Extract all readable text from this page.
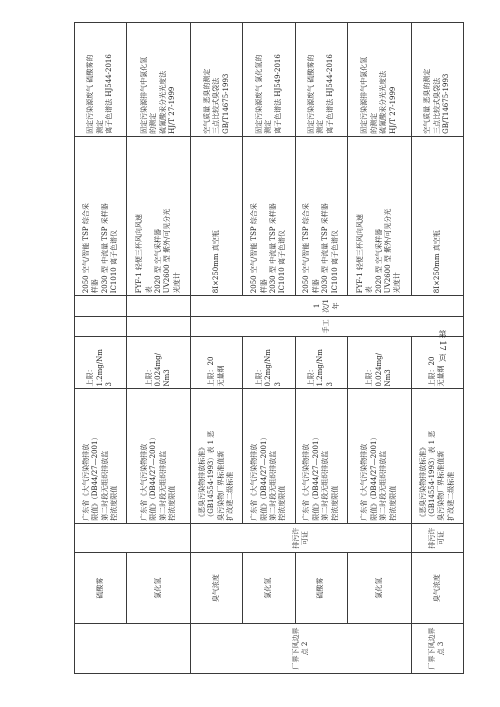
	硫酸雾		广东省《大气污染物排放 限值》（DB44/27—2001） 第二时段无组织排放监 控浓度限值	上限： 1.2mg/Nm 3			2050 空气/智能 TSP 综合采 样器 2030 型 中流量 TSP 采样器 IC1010 离子色谱仪	固定污染源废气 硫酸雾的 测定 离子色谱法 HJ544-2016

	氯化氢		广东省《大气污染物排放 限值》（DB44/27—2001） 第二时段无组织排放监 控浓度限值	上限： 0.024mg/ Nm3			FYF-1 轻便三杯风向风速 表 2020 型 空气采样器 UV2600 型 紫外/可见分光 光度计	固定污染源排气中氯化氢 的测定 硫氰酸汞分光光度法 HJ/T 27-1999

厂界下风边界点 2	臭气浓度	排污许可证	《恶臭污染物排放标准》 （GB14554-1993）表 1 恶 臭污染物厂界标准值新 扩改建二级标准	上限：20 无量纲	手工	1 次/1 年	8I×250mm 真空瓶	空气质量 恶臭的测定 三点比较式臭袋法 GB/T14675-1993

	氯化氢		广东省《大气污染物排放 限值》（DB44/27—2001） 第二时段无组织排放监 控浓度限值	上限： 0.2mg/Nm 3			2050 空气/智能 TSP 综合采 样器 2030 型 中流量 TSP 采样器 IC1010 离子色谱仪	固定污染源废气 氯化氢的 测定 离子色谱法 HJ549-2016

	硫酸雾		广东省《大气污染物排放 限值》（DB44/27—2001） 第二时段无组织排放监 控浓度限值	上限： 1.2mg/Nm 3			2050 空气/智能 TSP 综合采 样器 2030 型 中流量 TSP 采样器 IC1010 离子色谱仪	固定污染源废气 硫酸雾的 测定 离子色谱法 HJ544-2016

	氯化氢		广东省《大气污染物排放 限值》（DB44/27—2001） 第二时段无组织排放监 控浓度限值	上限： 0.024mg/ Nm3			FYF-1 轻便三杯风向风速 表 2020 型 空气采样器 UV2600 型 紫外/可见分光 光度计	固定污染源排气中氯化氢 的测定 硫氰酸汞分光光度法 HJ/T 27-1999

厂界下风边界点 3	臭气浓度	排污许可证	《恶臭污染物排放标准》 （GB14554-1993）表 1 恶 臭污染物厂界标准值新 扩改建二级标准	上限：20 无量纲			8I×250mm 真空瓶	空气质量 恶臭的测定 三点比较式臭袋法 GB/T14675-1993
第 17 页
